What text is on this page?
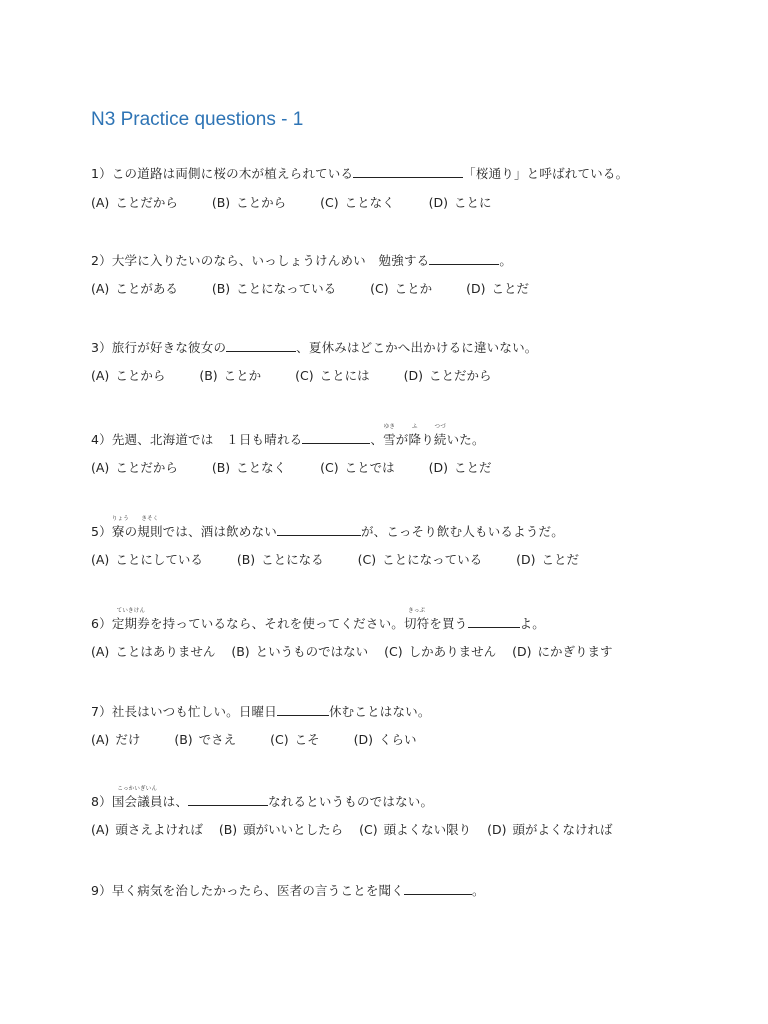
N3 Practice questions - 1
1）この道路は両側に桜の木が植えられている	「桜通り」と呼ばれている。
(A) ことだから	(B) ことから	(C) ことなく	(D) ことに
2）大学に入りたいのなら、いっしょうけんめい　勉強する	。
(A) ことがある	(B) ことになっている	(C) ことか	(D) ことだ
3）旅行が好きな彼女の	、夏休みはどこかへ出かけるに違いない。
(A) ことから	(B) ことか	(C) ことには	(D) ことだから
4）先週、北海道では　１日も晴れる	、
ゆき
雪が
ふ
降り
つづ
続いた。
(A) ことだから	(B) ことなく	(C) ことでは	(D) ことだ
5）
りょう
寮の
きそく
規則では、酒は飲めない	が、こっそり飲む人もいるようだ。
(A) ことにしている	(B) ことになる	(C) ことになっている	(D) ことだ
6）
ていきけん
定期券を持っているなら、それを使ってください。
きっぷ
切符を買う	よ。
(A) ことはありません (B) というものではない (C) しかありません (D) にかぎります
7）社長はいつも忙しい。日曜日	休むことはない。
(A) だけ	(B) でさえ	(C) こそ	(D) くらい
8）
こっかいぎいん
国会議員は、	なれるというものではない。
(A) 頭さえよければ (B) 頭がいいとしたら (C) 頭よくない限り (D) 頭がよくなければ
9）早く病気を治したかったら、医者の言うことを聞く	。
